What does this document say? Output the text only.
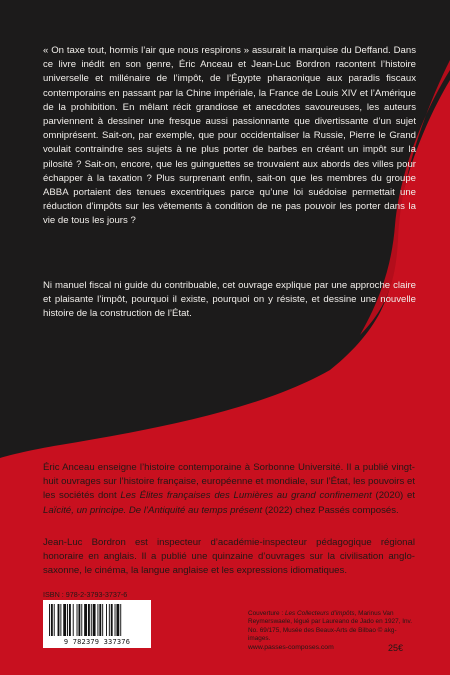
« On taxe tout, hormis l’air que nous respirons » assurait la marquise du Deffand. Dans ce livre inédit en son genre, Éric Anceau et Jean-Luc Bordron racontent l’histoire universelle et millénaire de l’impôt, de l’Égypte pharaonique aux paradis fiscaux contemporains en passant par la Chine impériale, la France de Louis XIV et l’Amérique de la prohibition. En mêlant récit grandiose et anecdotes savoureuses, les auteurs parviennent à dessiner une fresque aussi passionnante que divertissante d’un sujet omniprésent. Sait-on, par exemple, que pour occidentaliser la Russie, Pierre le Grand voulait contraindre ses sujets à ne plus porter de barbes en créant un impôt sur la pilosité ? Sait-on, encore, que les guinguettes se trouvaient aux abords des villes pour échapper à la taxation ? Plus surprenant enfin, sait-on que les membres du groupe ABBA portaient des tenues excentriques parce qu’une loi suédoise permettait une réduction d’impôts sur les vêtements à condition de ne pas pouvoir les porter dans la vie de tous les jours ?

Ni manuel fiscal ni guide du contribuable, cet ouvrage explique par une approche claire et plaisante l’impôt, pourquoi il existe, pourquoi on y résiste, et dessine une nouvelle histoire de la construction de l’État.

Éric Anceau enseigne l’histoire contemporaine à Sorbonne Université. Il a publié vingt-huit ouvrages sur l’histoire française, européenne et mondiale, sur l’État, les pouvoirs et les sociétés dont Les Élites françaises des Lumières au grand confinement (2020) et Laïcité, un principe. De l’Antiquité au temps présent (2022) chez Passés composés.

Jean-Luc Bordron est inspecteur d’académie-inspecteur pédagogique régional honoraire en anglais. Il a publié une quinzaine d’ouvrages sur la civilisation anglo-saxonne, le cinéma, la langue anglaise et les expressions idiomatiques.

ISBN : 978-2-3793-3737-6
9 782379 337376
Couverture : Les Collecteurs d’impôts, Marinus Van Reymerswaele, légué par Laureano de Jado en 1927, Inv. No. 69/175, Musée des Beaux-Arts de Bilbao © akg-images.
www.passes-composes.com	25€
